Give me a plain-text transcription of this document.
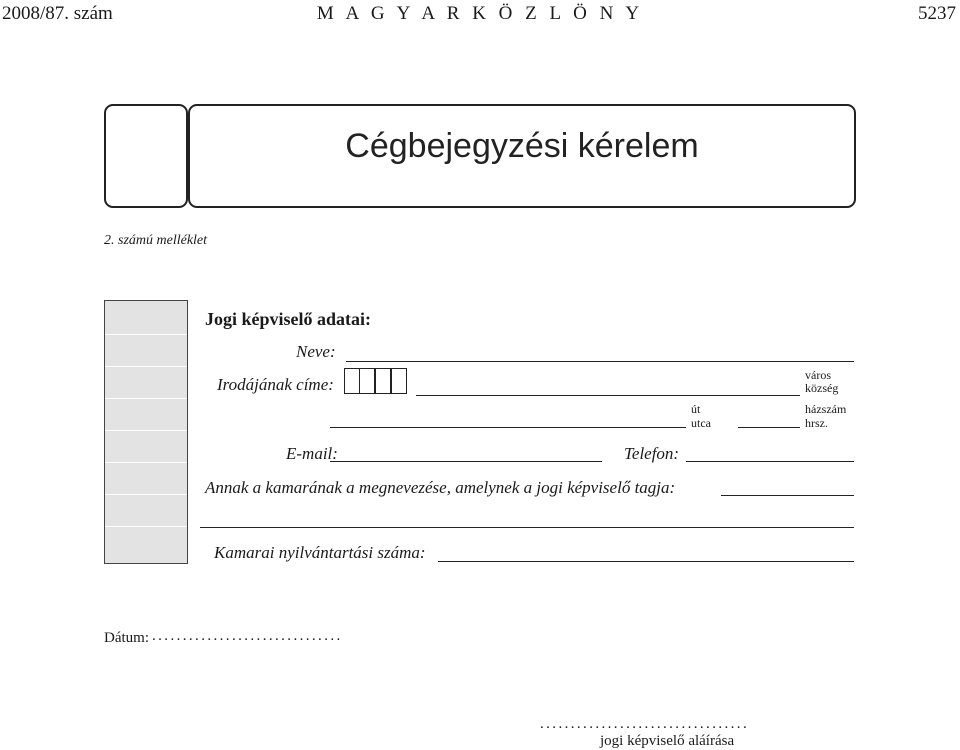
2008/87. szám	M A G Y A R K Ö Z L Ö N Y	5237
Cégbejegyzési kérelem
2. számú melléklet
Jogi képviselő adatai:
Neve:
Irodájának címe:	város
község
út
utca
házszám
hrsz.
E-mail:	Telefon:
Annak a kamarának a megnevezése, amelynek a jogi képviselő tagja:
Kamarai nyilvántartási száma:
Dátum: ...............................
..................................
jogi képviselő aláírása
